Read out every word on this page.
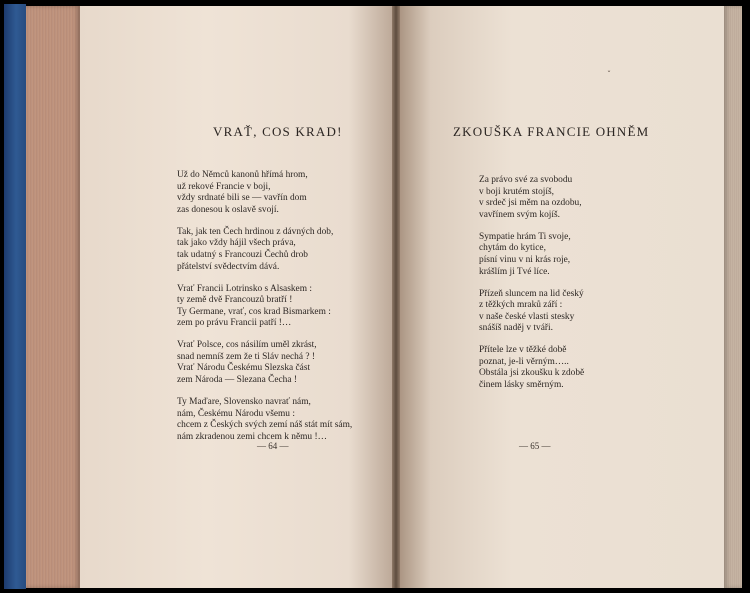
VRAŤ, COS KRAD!
Už do Němců kanonů hřímá hrom,
už rekové Francie v boji,
vždy srdnaté bili se — vavřín dom
zas donesou k oslavě svojí.
Tak, jak ten Čech hrdinou z dávných dob,
tak jako vždy hájil všech práva,
tak udatný s Francouzi Čechů drob
přátelství svědectvím dává.
Vrať Francii Lotrinsko s Alsaskem :
ty země dvě Francouzů bratří !
Ty Germane, vrať, cos krad Bismarkem :
zem po právu Francii patří !…
Vrať Polsce, cos násilím uměl zkrást,
snad nemníš zem že ti Sláv nechá ? !
Vrať Národu Českému Slezska část
zem Národa — Slezana Čecha !
Ty Maďare, Slovensko navrať nám,
nám, Českému Národu všemu :
chcem z Českých svých zemí náš stát mít sám,
nám zkradenou zemi chcem k němu !…
— 64 —
ˇ
ZKOUŠKA FRANCIE OHNĚM
Za právo své za svobodu
v boji krutém stojíš,
v srdeč jsi měm na ozdobu,
vavřínem svým kojíš.
Sympatie hrám Ti svoje,
chytám do kytice,
písní vinu v ni krás roje,
krášlím ji Tvé líce.
Přízeň sluncem na lid český
z těžkých mraků září :
v naše české vlasti stesky
snášíš naděj v tváři.
Přítele lze v těžké době
poznat, je-li věrným…..
Obstála jsi zkoušku k zdobě
činem lásky směrným.
— 65 —
